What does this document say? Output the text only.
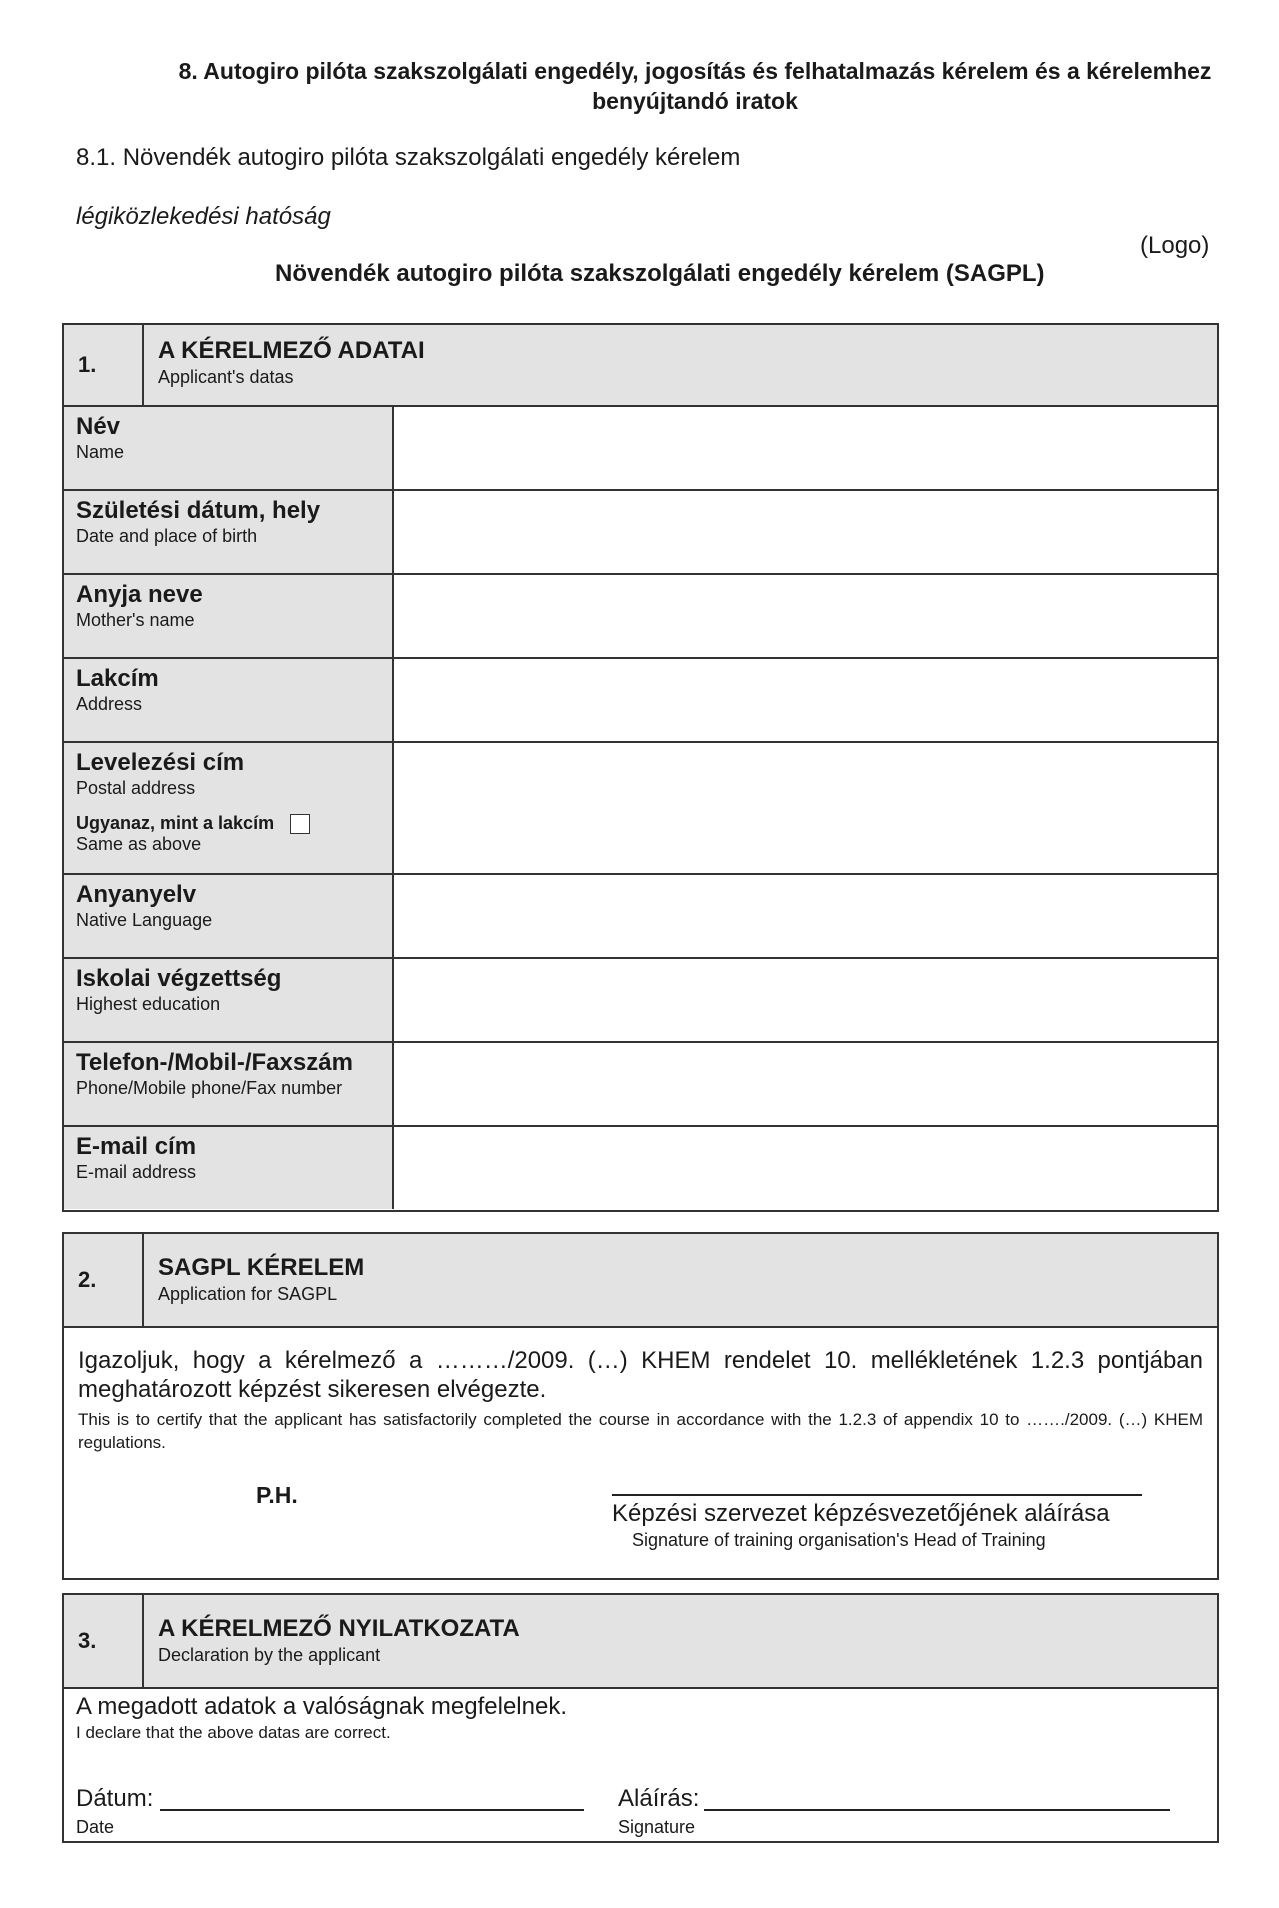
8. Autogiro pilóta szakszolgálati engedély, jogosítás és felhatalmazás kérelem és a kérelemhez benyújtandó iratok
8.1. Növendék autogiro pilóta szakszolgálati engedély kérelem
légiközlekedési hatóság
(Logo)
Növendék autogiro pilóta szakszolgálati engedély kérelem (SAGPL)
1.
A KÉRELMEZŐ ADATAI
Applicant's datas
Név
Name
Születési dátum, hely
Date and place of birth
Anyja neve
Mother's name
Lakcím
Address
Levelezési cím
Postal address
Ugyanaz, mint a lakcím
Same as above
Anyanyelv
Native Language
Iskolai végzettség
Highest education
Telefon-/Mobil-/Faxszám
Phone/Mobile phone/Fax number
E-mail cím
E-mail address
2.	SAGPL KÉRELEM
Application for SAGPL
Igazoljuk, hogy a kérelmező a ………/2009. (…) KHEM rendelet 10. mellékletének 1.2.3 pontjában meghatározott képzést sikeresen elvégezte.
This is to certify that the applicant has satisfactorily completed the course in accordance with the 1.2.3 of appendix 10 to ……./2009. (…) KHEM regulations.
P.H.
Képzési szervezet képzésvezetőjének aláírása
Signature of training organisation's Head of Training
3.	A KÉRELMEZŐ NYILATKOZATA
Declaration by the applicant
A megadott adatok a valóságnak megfelelnek.
I declare that the above datas are correct.
Dátum:
Date
Aláírás:
Signature
